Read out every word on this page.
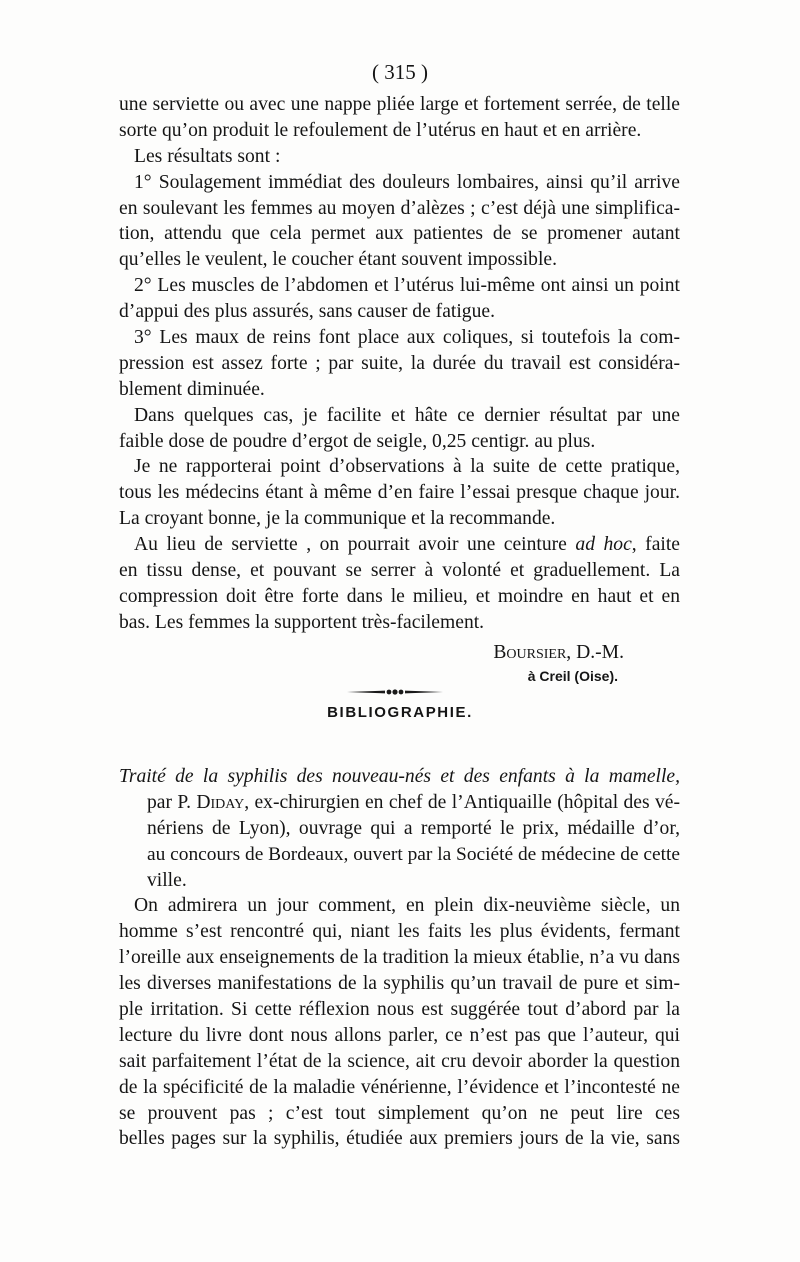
( 315 )
une serviette ou avec une nappe pliée large et fortement serrée, de telle
sorte qu’on produit le refoulement de l’utérus en haut et en arrière.
Les résultats sont :
1° Soulagement immédiat des douleurs lombaires, ainsi qu’il arrive
en soulevant les femmes au moyen d’alèzes ; c’est déjà une simplifica-
tion, attendu que cela permet aux patientes de se promener autant
qu’elles le veulent, le coucher étant souvent impossible.
2° Les muscles de l’abdomen et l’utérus lui-même ont ainsi un point
d’appui des plus assurés, sans causer de fatigue.
3° Les maux de reins font place aux coliques, si toutefois la com-
pression est assez forte ; par suite, la durée du travail est considéra-
blement diminuée.
Dans quelques cas, je facilite et hâte ce dernier résultat par une
faible dose de poudre d’ergot de seigle, 0,25 centigr. au plus.
Je ne rapporterai point d’observations à la suite de cette pratique,
tous les médecins étant à même d’en faire l’essai presque chaque jour.
La croyant bonne, je la communique et la recommande.
Au lieu de serviette , on pourrait avoir une ceinture ad hoc, faite
en tissu dense, et pouvant se serrer à volonté et graduellement. La
compression doit être forte dans le milieu, et moindre en haut et en
bas. Les femmes la supportent très-facilement.
Boursier, D.-M.
à Creil (Oise).
BIBLIOGRAPHIE.
Traité de la syphilis des nouveau-nés et des enfants à la mamelle,
par P. Diday, ex-chirurgien en chef de l’Antiquaille (hôpital des vé-
nériens de Lyon), ouvrage qui a remporté le prix, médaille d’or,
au concours de Bordeaux, ouvert par la Société de médecine de cette
ville.
On admirera un jour comment, en plein dix-neuvième siècle, un
homme s’est rencontré qui, niant les faits les plus évidents, fermant
l’oreille aux enseignements de la tradition la mieux établie, n’a vu dans
les diverses manifestations de la syphilis qu’un travail de pure et sim-
ple irritation. Si cette réflexion nous est suggérée tout d’abord par la
lecture du livre dont nous allons parler, ce n’est pas que l’auteur, qui
sait parfaitement l’état de la science, ait cru devoir aborder la question
de la spécificité de la maladie vénérienne, l’évidence et l’incontesté ne
se prouvent pas ; c’est tout simplement qu’on ne peut lire ces
belles pages sur la syphilis, étudiée aux premiers jours de la vie, sans
